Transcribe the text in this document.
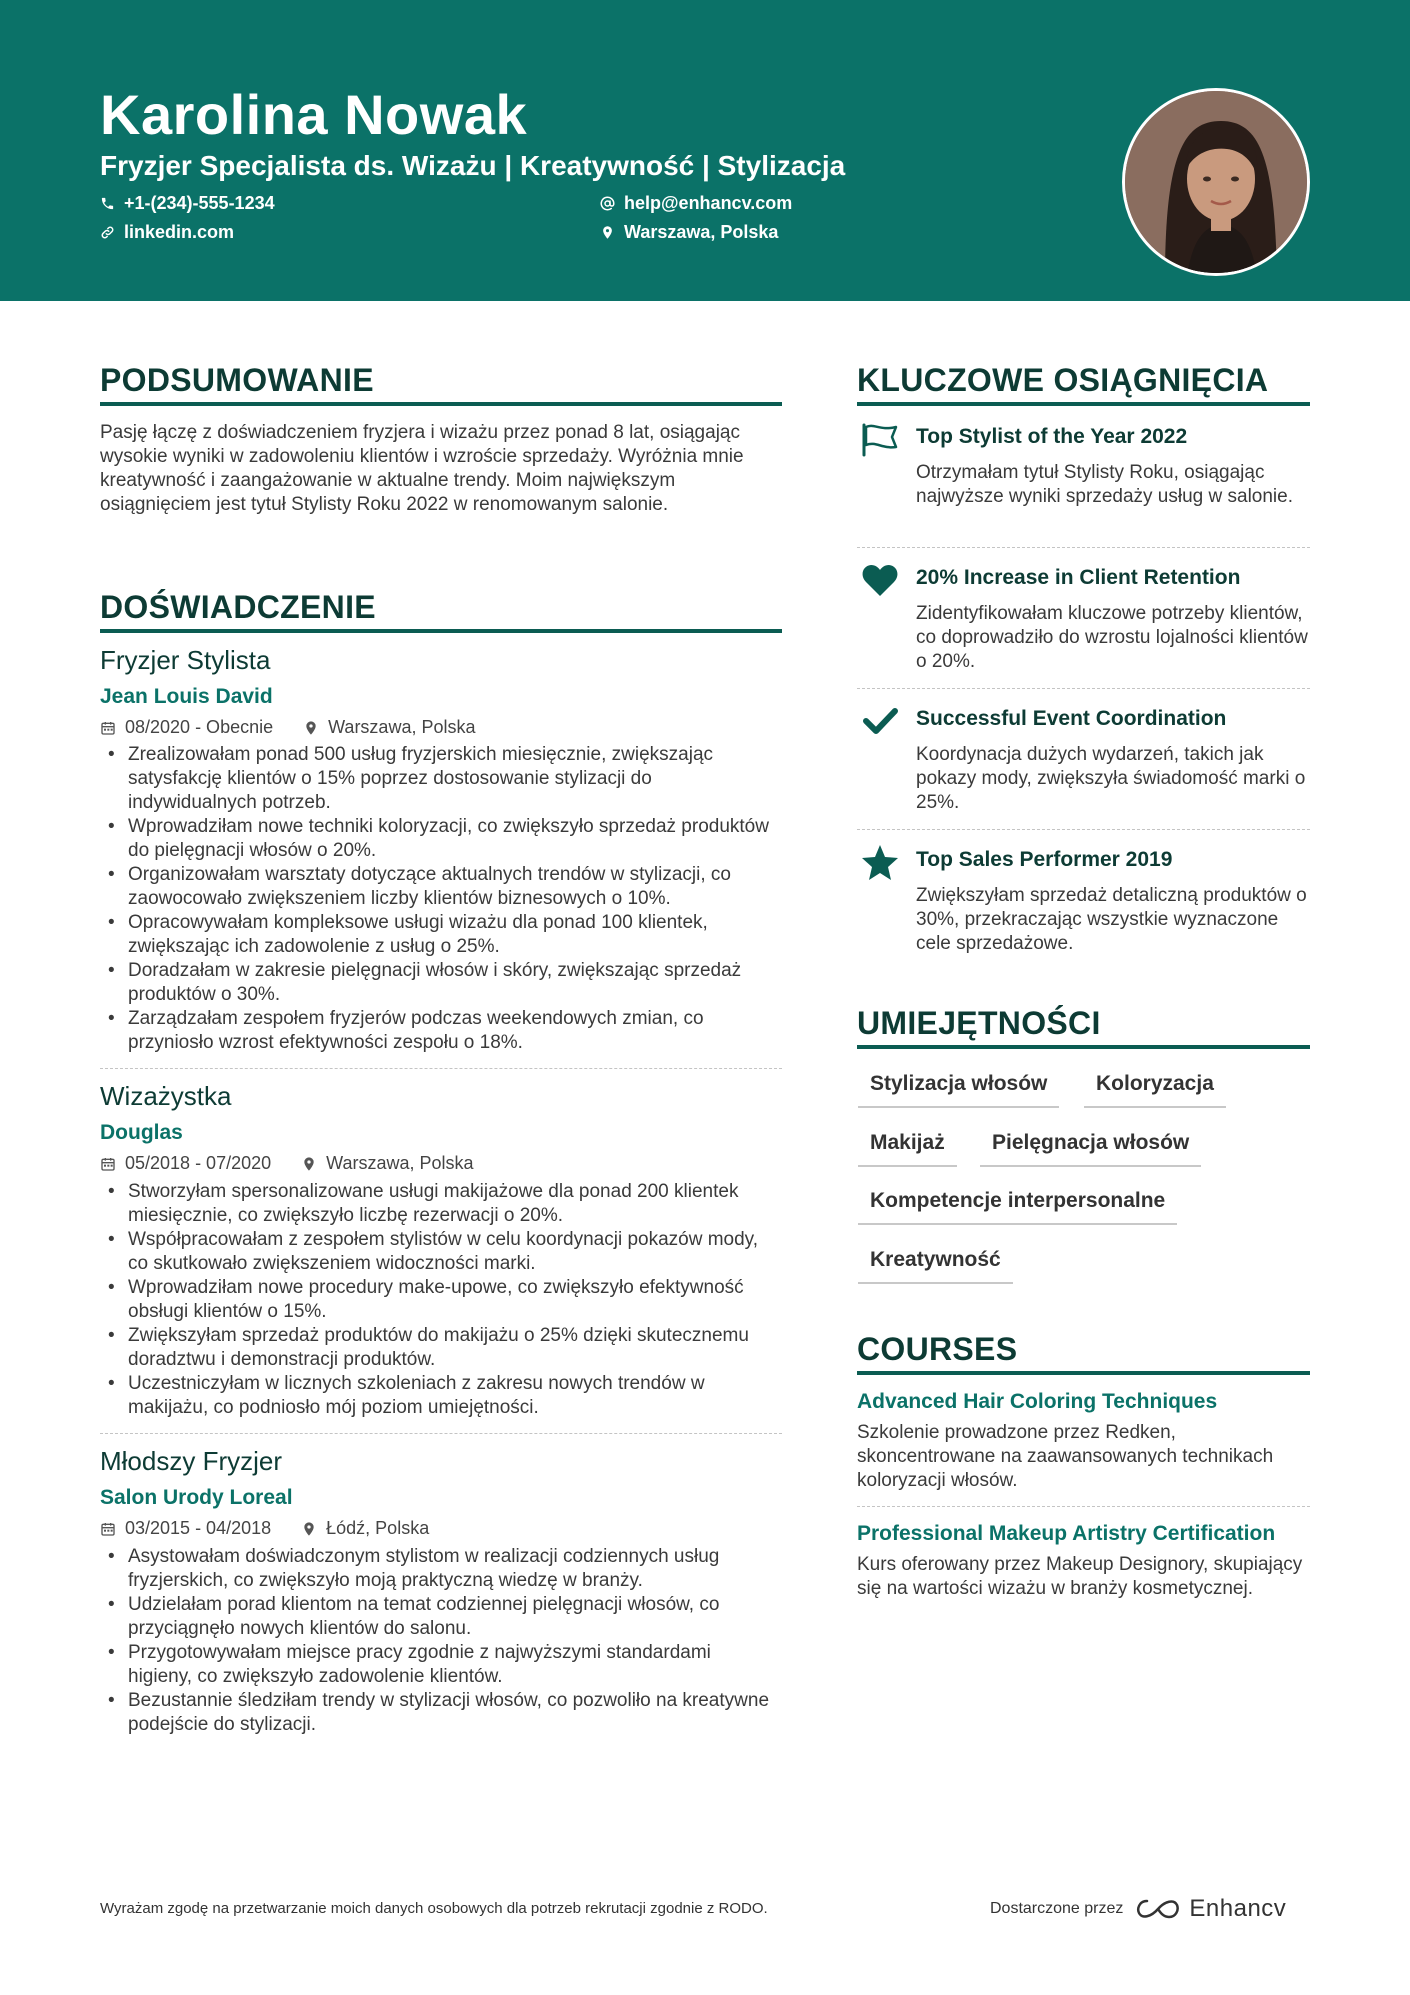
Karolina Nowak
Fryzjer Specjalista ds. Wizażu | Kreatywność | Stylizacja
+1-(234)-555-1234	help@enhancv.com
linkedin.com	Warszawa, Polska
PODSUMOWANIE
Pasję łączę z doświadczeniem fryzjera i wizażu przez ponad 8 lat, osiągając wysokie wyniki w zadowoleniu klientów i wzroście sprzedaży. Wyróżnia mnie kreatywność i zaangażowanie w aktualne trendy. Moim największym osiągnięciem jest tytuł Stylisty Roku 2022 w renomowanym salonie.
DOŚWIADCZENIE
Fryzjer Stylista
Jean Louis David
08/2020 - Obecnie	Warszawa, Polska
• Zrealizowałam ponad 500 usług fryzjerskich miesięcznie, zwiększając satysfakcję klientów o 15% poprzez dostosowanie stylizacji do indywidualnych potrzeb.
• Wprowadziłam nowe techniki koloryzacji, co zwiększyło sprzedaż produktów do pielęgnacji włosów o 20%.
• Organizowałam warsztaty dotyczące aktualnych trendów w stylizacji, co zaowocowało zwiększeniem liczby klientów biznesowych o 10%.
• Opracowywałam kompleksowe usługi wizażu dla ponad 100 klientek, zwiększając ich zadowolenie z usług o 25%.
• Doradzałam w zakresie pielęgnacji włosów i skóry, zwiększając sprzedaż produktów o 30%.
• Zarządzałam zespołem fryzjerów podczas weekendowych zmian, co przyniosło wzrost efektywności zespołu o 18%.
Wizażystka
Douglas
05/2018 - 07/2020	Warszawa, Polska
• Stworzyłam spersonalizowane usługi makijażowe dla ponad 200 klientek miesięcznie, co zwiększyło liczbę rezerwacji o 20%.
• Współpracowałam z zespołem stylistów w celu koordynacji pokazów mody, co skutkowało zwiększeniem widoczności marki.
• Wprowadziłam nowe procedury make-upowe, co zwiększyło efektywność obsługi klientów o 15%.
• Zwiększyłam sprzedaż produktów do makijażu o 25% dzięki skutecznemu doradztwu i demonstracji produktów.
• Uczestniczyłam w licznych szkoleniach z zakresu nowych trendów w makijażu, co podniosło mój poziom umiejętności.
Młodszy Fryzjer
Salon Urody Loreal
03/2015 - 04/2018	Łódź, Polska
• Asystowałam doświadczonym stylistom w realizacji codziennych usług fryzjerskich, co zwiększyło moją praktyczną wiedzę w branży.
• Udzielałam porad klientom na temat codziennej pielęgnacji włosów, co przyciągnęło nowych klientów do salonu.
• Przygotowywałam miejsce pracy zgodnie z najwyższymi standardami higieny, co zwiększyło zadowolenie klientów.
• Bezustannie śledziłam trendy w stylizacji włosów, co pozwoliło na kreatywne podejście do stylizacji.
KLUCZOWE OSIĄGNIĘCIA
Top Stylist of the Year 2022
Otrzymałam tytuł Stylisty Roku, osiągając najwyższe wyniki sprzedaży usług w salonie.
20% Increase in Client Retention
Zidentyfikowałam kluczowe potrzeby klientów, co doprowadziło do wzrostu lojalności klientów o 20%.
Successful Event Coordination
Koordynacja dużych wydarzeń, takich jak pokazy mody, zwiększyła świadomość marki o 25%.
Top Sales Performer 2019
Zwiększyłam sprzedaż detaliczną produktów o 30%, przekraczając wszystkie wyznaczone cele sprzedażowe.
UMIEJĘTNOŚCI
Stylizacja włosów	Koloryzacja
Makijaż	Pielęgnacja włosów
Kompetencje interpersonalne
Kreatywność
COURSES
Advanced Hair Coloring Techniques
Szkolenie prowadzone przez Redken, skoncentrowane na zaawansowanych technikach koloryzacji włosów.
Professional Makeup Artistry Certification
Kurs oferowany przez Makeup Designory, skupiający się na wartości wizażu w branży kosmetycznej.
Wyrażam zgodę na przetwarzanie moich danych osobowych dla potrzeb rekrutacji zgodnie z RODO.	Dostarczone przez	Enhancv
